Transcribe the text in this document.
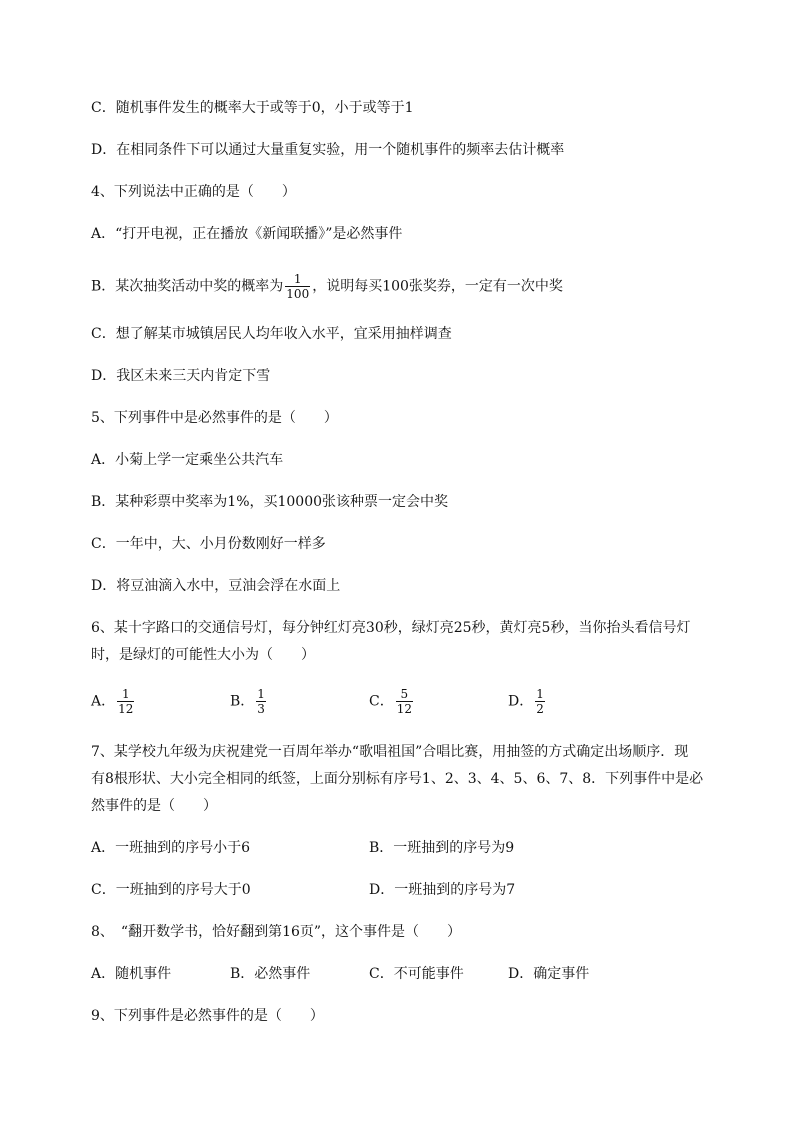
C．随机事件发生的概率大于或等于0，小于或等于1
D．在相同条件下可以通过大量重复实验，用一个随机事件的频率去估计概率
4、下列说法中正确的是（　　）
A．“打开电视，正在播放《新闻联播》”是必然事件
B．某次抽奖活动中奖的概率为 $\frac{1}{100}$ ，说明每买100张奖券，一定有一次中奖
C．想了解某市城镇居民人均年收入水平，宜采用抽样调查
D．我区未来三天内肯定下雪
5、下列事件中是必然事件的是（　　）
A．小菊上学一定乘坐公共汽车
B．某种彩票中奖率为1%，买10000张该种票一定会中奖
C．一年中，大、小月份数刚好一样多
D．将豆油滴入水中，豆油会浮在水面上
6、某十字路口的交通信号灯，每分钟红灯亮30秒，绿灯亮25秒，黄灯亮5秒，当你抬头看信号灯
时，是绿灯的可能性大小为（　　）
A． $\frac{1}{12}$	B． $\frac{1}{3}$	C． $\frac{5}{12}$	D． $\frac{1}{2}$
7、某学校九年级为庆祝建党一百周年举办“歌唱祖国”合唱比赛，用抽签的方式确定出场顺序．现
有8根形状、大小完全相同的纸签，上面分别标有序号1、2、3、4、5、6、7、8．下列事件中是必
然事件的是（　　）
A．一班抽到的序号小于6	B．一班抽到的序号为9
C．一班抽到的序号大于0	D．一班抽到的序号为7
8、　“翻开数学书，恰好翻到第16页”，这个事件是（　　）
A．随机事件	B．必然事件	C．不可能事件	D．确定事件
9、下列事件是必然事件的是（　　）
